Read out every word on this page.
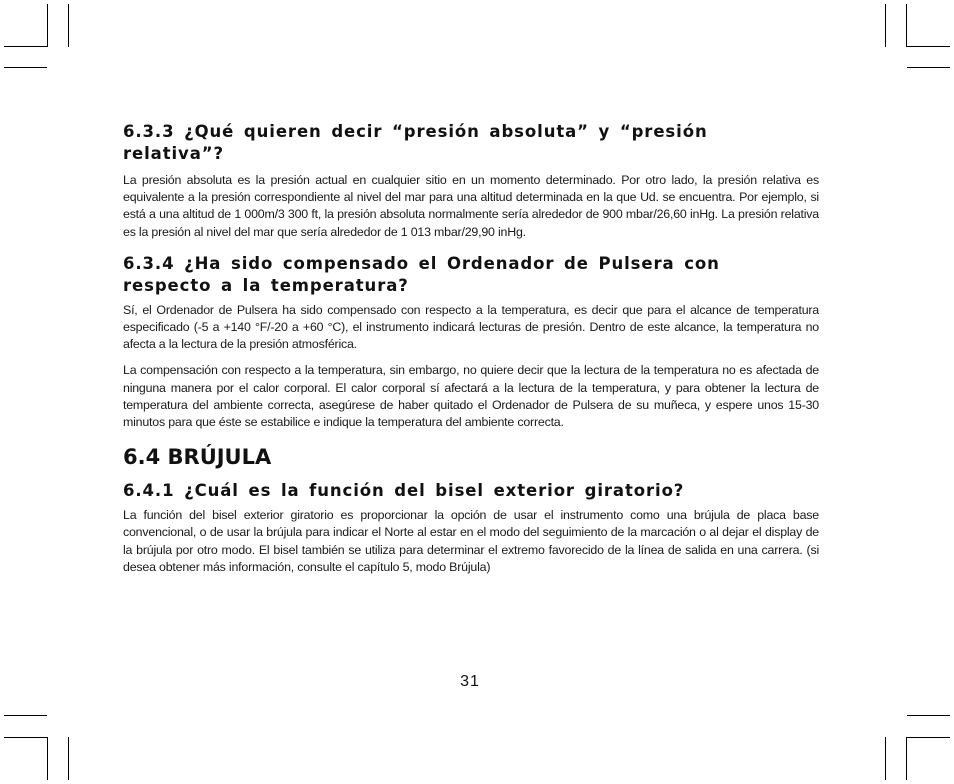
6.3.3 ¿Qué quieren decir “presión absoluta” y “presión relativa”?

La presión absoluta es la presión actual en cualquier sitio en un momento determinado. Por otro lado, la presión relativa es equivalente a la presión correspondiente al nivel del mar para una altitud determinada en la que Ud. se encuentra. Por ejemplo, si está a una altitud de 1 000m/3 300 ft, la presión absoluta normalmente sería alrededor de 900 mbar/26,60 inHg. La presión relativa es la presión al nivel del mar que sería alrededor de 1 013 mbar/29,90 inHg.

6.3.4 ¿Ha sido compensado el Ordenador de Pulsera con respecto a la temperatura?

Sí, el Ordenador de Pulsera ha sido compensado con respecto a la temperatura, es decir que para el alcance de temperatura especificado (-5 a +140 °F/-20 a +60 °C), el instrumento indicará lecturas de presión. Dentro de este alcance, la temperatura no afecta a la lectura de la presión atmosférica.

La compensación con respecto a la temperatura, sin embargo, no quiere decir que la lectura de la temperatura no es afectada de ninguna manera por el calor corporal. El calor corporal sí afectará a la lectura de la temperatura, y para obtener la lectura de temperatura del ambiente correcta, asegúrese de haber quitado el Ordenador de Pulsera de su muñeca, y espere unos 15-30 minutos para que éste se estabilice e indique la temperatura del ambiente correcta.

6.4 BRÚJULA
6.4.1 ¿Cuál es la función del bisel exterior giratorio?

La función del bisel exterior giratorio es proporcionar la opción de usar el instrumento como una brújula de placa base convencional, o de usar la brújula para indicar el Norte al estar en el modo del seguimiento de la marcación o al dejar el display de la brújula por otro modo. El bisel también se utiliza para determinar el extremo favorecido de la línea de salida en una carrera. (si desea obtener más información, consulte el capítulo 5, modo Brújula)

31
